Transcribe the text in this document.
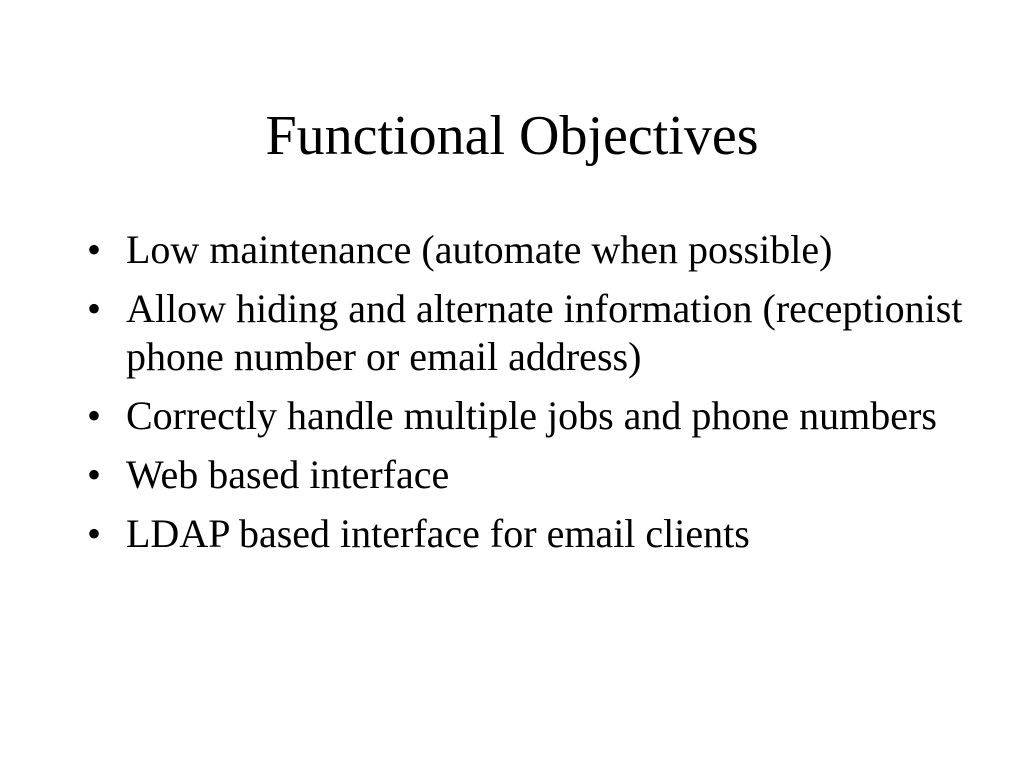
Functional Objectives
• Low maintenance (automate when possible)
• Allow hiding and alternate information (receptionist phone number or email address)
• Correctly handle multiple jobs and phone numbers
• Web based interface
• LDAP based interface for email clients
